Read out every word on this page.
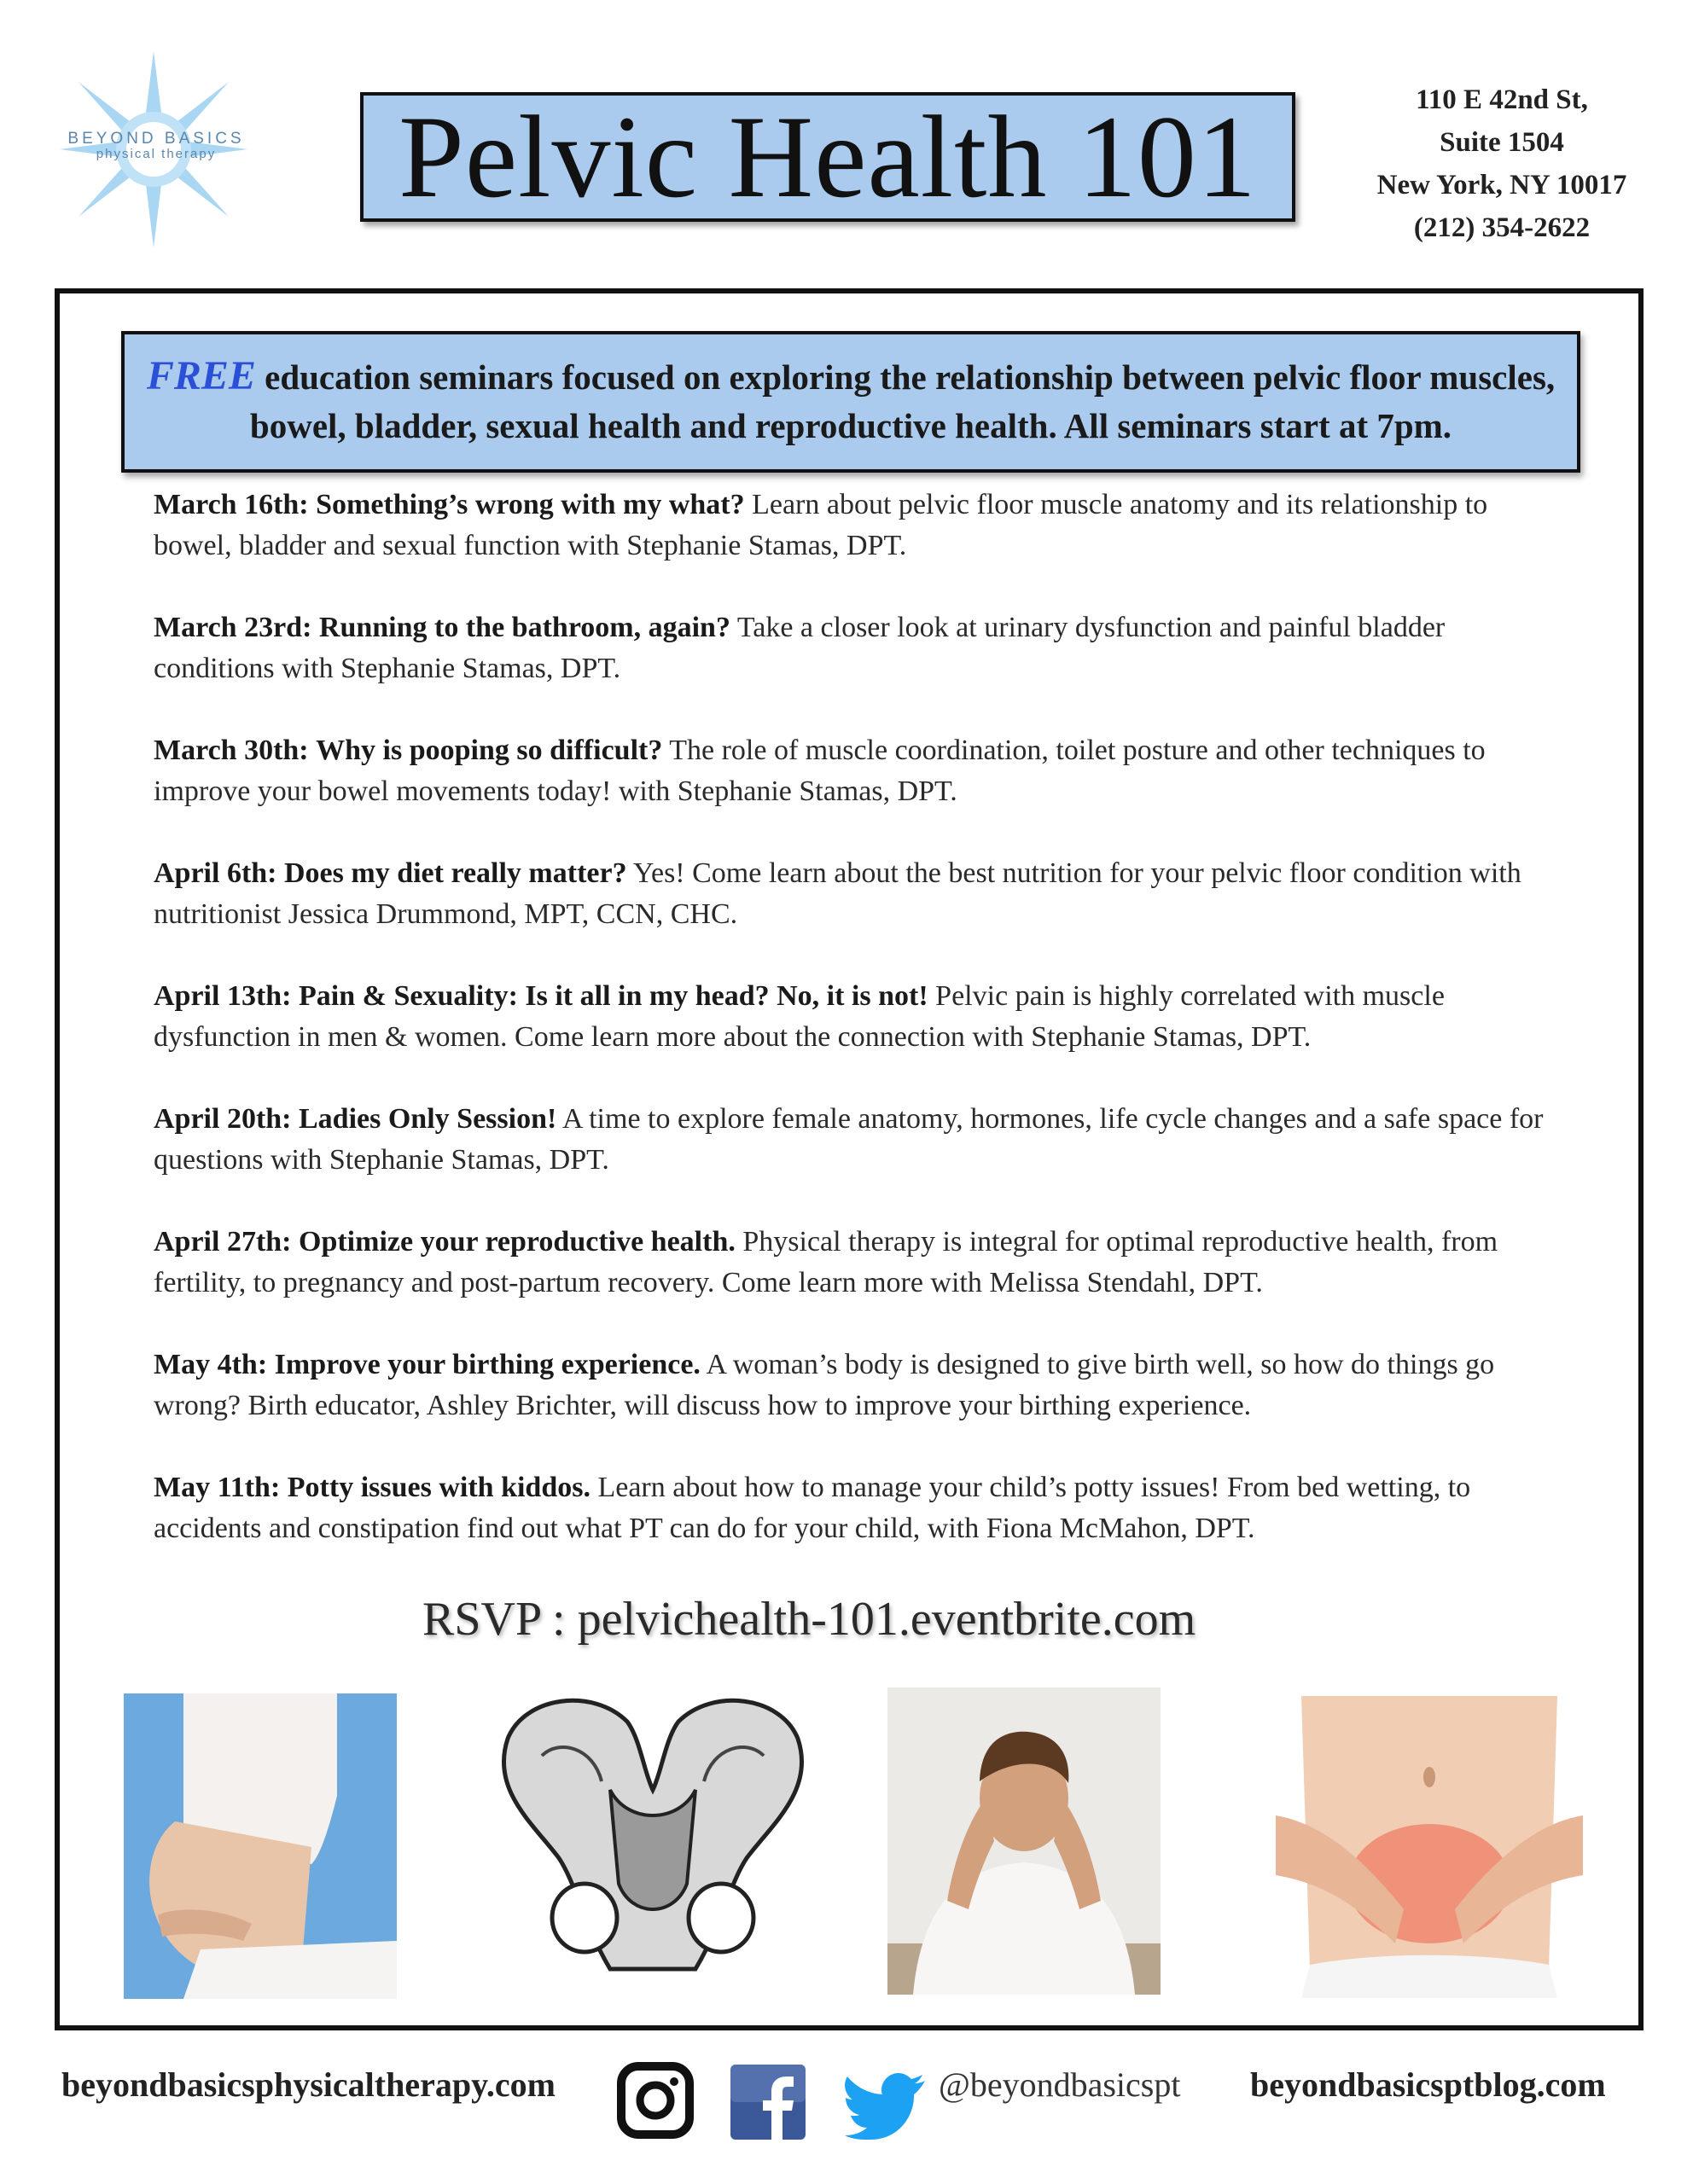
BEYOND BASICS
physical therapy Pelvic Health 101	110 E 42nd St,
Suite 1504
New York, NY 10017
(212) 354-2622
FREE education seminars focused on exploring the relationship between pelvic floor muscles, bowel, bladder, sexual health and reproductive health. All seminars start at 7pm.
March 16th: Something’s wrong with my what? Learn about pelvic floor muscle anatomy and its relationship to bowel, bladder and sexual function with Stephanie Stamas, DPT.
March 23rd: Running to the bathroom, again? Take a closer look at urinary dysfunction and painful bladder conditions with Stephanie Stamas, DPT.
March 30th: Why is pooping so difficult? The role of muscle coordination, toilet posture and other techniques to improve your bowel movements today! with Stephanie Stamas, DPT.
April 6th: Does my diet really matter? Yes! Come learn about the best nutrition for your pelvic floor condition with nutritionist Jessica Drummond, MPT, CCN, CHC.
April 13th: Pain & Sexuality: Is it all in my head? No, it is not! Pelvic pain is highly correlated with muscle dysfunction in men & women. Come learn more about the connection with Stephanie Stamas, DPT.
April 20th: Ladies Only Session! A time to explore female anatomy, hormones, life cycle changes and a safe space for questions with Stephanie Stamas, DPT.
April 27th: Optimize your reproductive health. Physical therapy is integral for optimal reproductive health, from fertility, to pregnancy and post-partum recovery. Come learn more with Melissa Stendahl, DPT.
May 4th: Improve your birthing experience. A woman’s body is designed to give birth well, so how do things go wrong? Birth educator, Ashley Brichter, will discuss how to improve your birthing experience.
May 11th: Potty issues with kiddos. Learn about how to manage your child’s potty issues! From bed wetting, to accidents and constipation find out what PT can do for your child, with Fiona McMahon, DPT.
RSVP : pelvichealth-101.eventbrite.com
beyondbasicsphysicaltherapy.com	@beyondbasicspt beyondbasicsptblog.com
